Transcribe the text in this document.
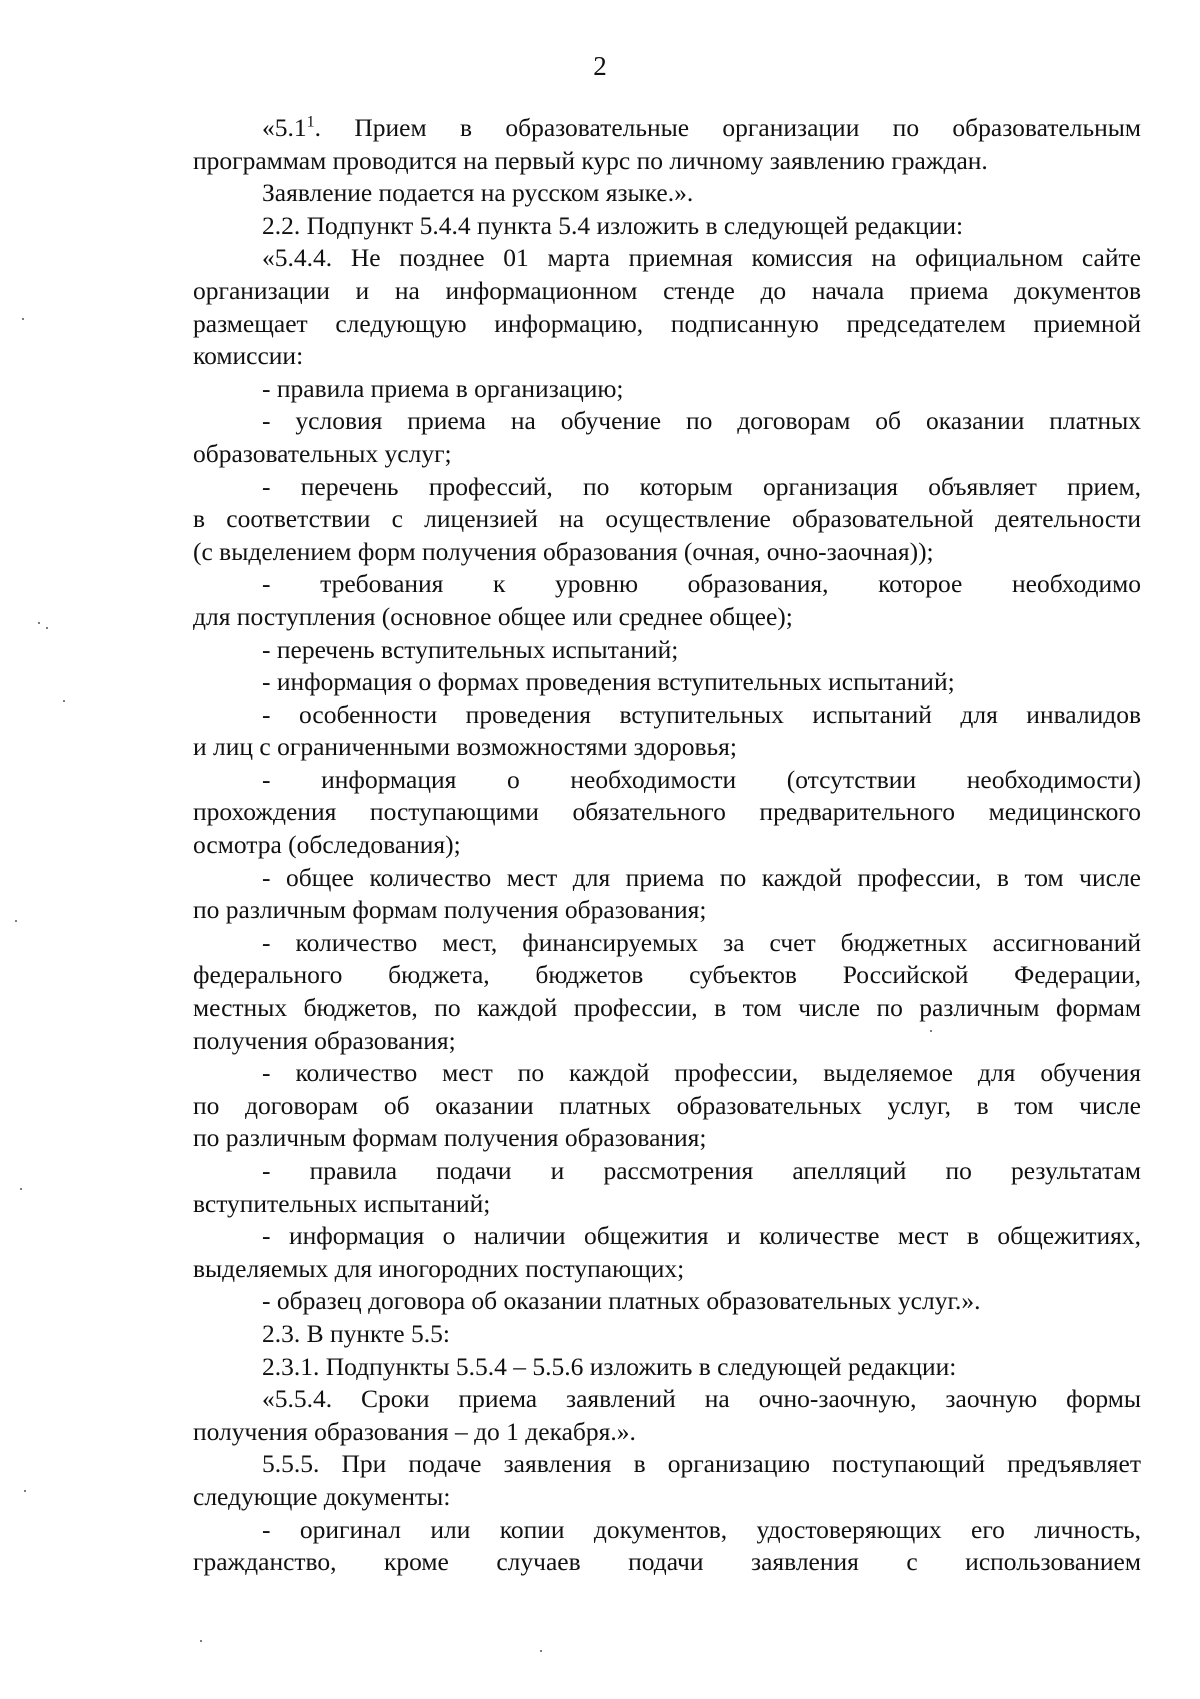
2
«$5.1^1$. Прием в образовательные организации по образовательным
программам проводится на первый курс по личному заявлению граждан.
Заявление подается на русском языке.».
2.2. Подпункт 5.4.4 пункта 5.4 изложить в следующей редакции:
«5.4.4. Не позднее 01 марта приемная комиссия на официальном сайте
организации и на информационном стенде до начала приема документов
размещает следующую информацию, подписанную председателем приемной
комиссии:
- правила приема в организацию;
- условия приема на обучение по договорам об оказании платных
образовательных услуг;
- перечень профессий, по которым организация объявляет прием,
в соответствии с лицензией на осуществление образовательной деятельности
(с выделением форм получения образования (очная, очно-заочная));
- требования к уровню образования, которое необходимо
для поступления (основное общее или среднее общее);
- перечень вступительных испытаний;
- информация о формах проведения вступительных испытаний;
- особенности проведения вступительных испытаний для инвалидов
и лиц с ограниченными возможностями здоровья;
- информация о необходимости (отсутствии необходимости)
прохождения поступающими обязательного предварительного медицинского
осмотра (обследования);
- общее количество мест для приема по каждой профессии, в том числе
по различным формам получения образования;
- количество мест, финансируемых за счет бюджетных ассигнований
федерального бюджета, бюджетов субъектов Российской Федерации,
местных бюджетов, по каждой профессии, в том числе по различным формам
получения образования;
- количество мест по каждой профессии, выделяемое для обучения
по договорам об оказании платных образовательных услуг, в том числе
по различным формам получения образования;
- правила подачи и рассмотрения апелляций по результатам
вступительных испытаний;
- информация о наличии общежития и количестве мест в общежитиях,
выделяемых для иногородних поступающих;
- образец договора об оказании платных образовательных услуг.».
2.3. В пункте 5.5:
2.3.1. Подпункты 5.5.4 – 5.5.6 изложить в следующей редакции:
«5.5.4. Сроки приема заявлений на очно-заочную, заочную формы
получения образования – до 1 декабря.».
5.5.5. При подаче заявления в организацию поступающий предъявляет
следующие документы:
- оригинал или копии документов, удостоверяющих его личность,
гражданство, кроме случаев подачи заявления с использованием
